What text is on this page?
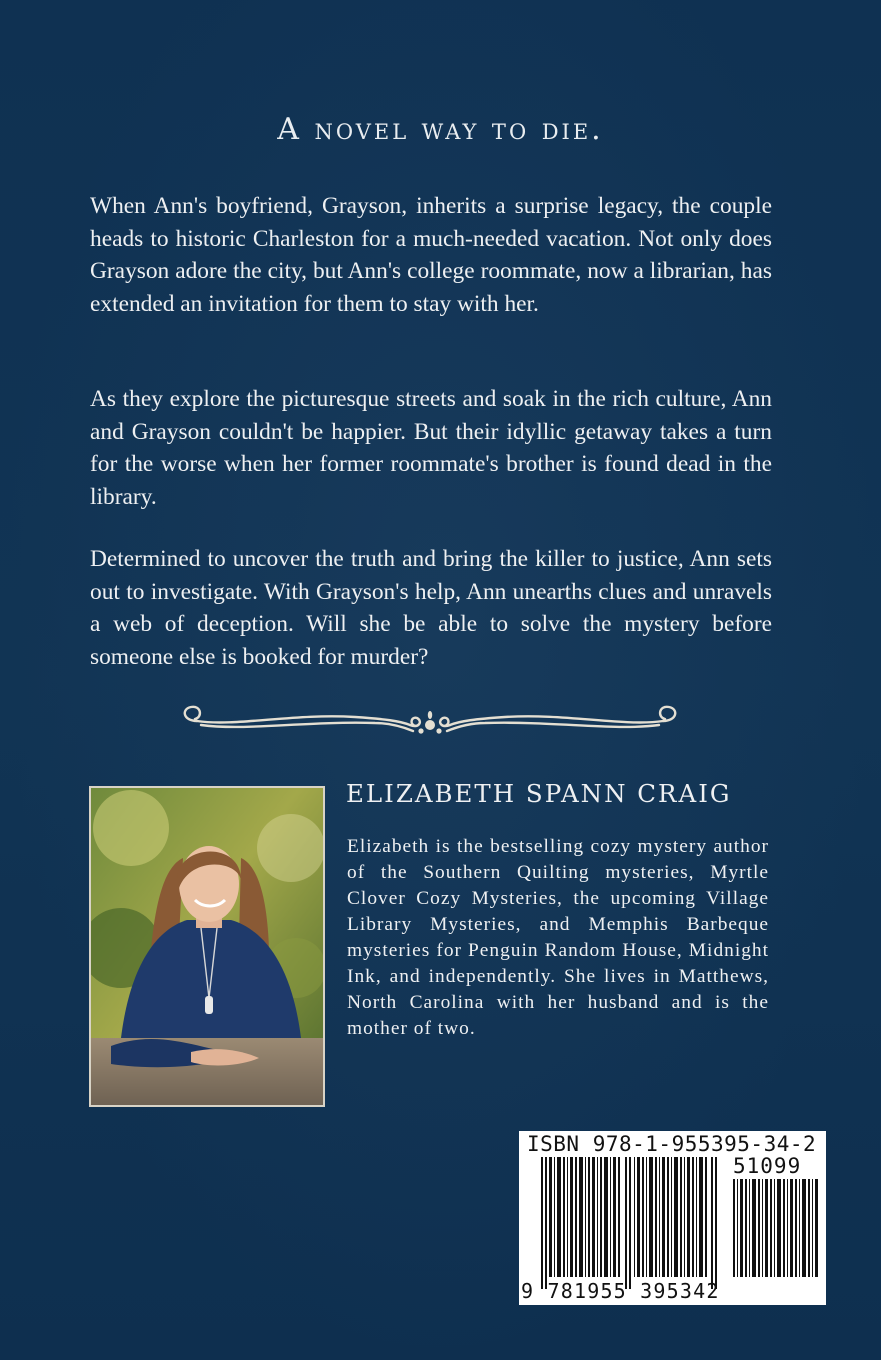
A novel way to die.

When Ann's boyfriend, Grayson, inherits a surprise legacy, the couple heads to historic Charleston for a much-needed vacation. Not only does Grayson adore the city, but Ann's college roommate, now a librarian, has extended an invitation for them to stay with her.

As they explore the picturesque streets and soak in the rich culture, Ann and Grayson couldn't be happier. But their idyllic getaway takes a turn for the worse when her former roommate's brother is found dead in the library.

Determined to uncover the truth and bring the killer to justice, Ann sets out to investigate. With Grayson's help, Ann unearths clues and unravels a web of deception. Will she be able to solve the mystery before someone else is booked for murder?

ELIZABETH SPANN CRAIG

Elizabeth is the bestselling cozy mystery author of the Southern Quilting mysteries, Myrtle Clover Cozy Mysteries, the upcoming Village Library Mysteries, and Memphis Barbeque mysteries for Penguin Random House, Midnight Ink, and independently. She lives in Matthews, North Carolina with her husband and is the mother of two.

ISBN 978-1-955395-34-2

51099

9 781955 395342
